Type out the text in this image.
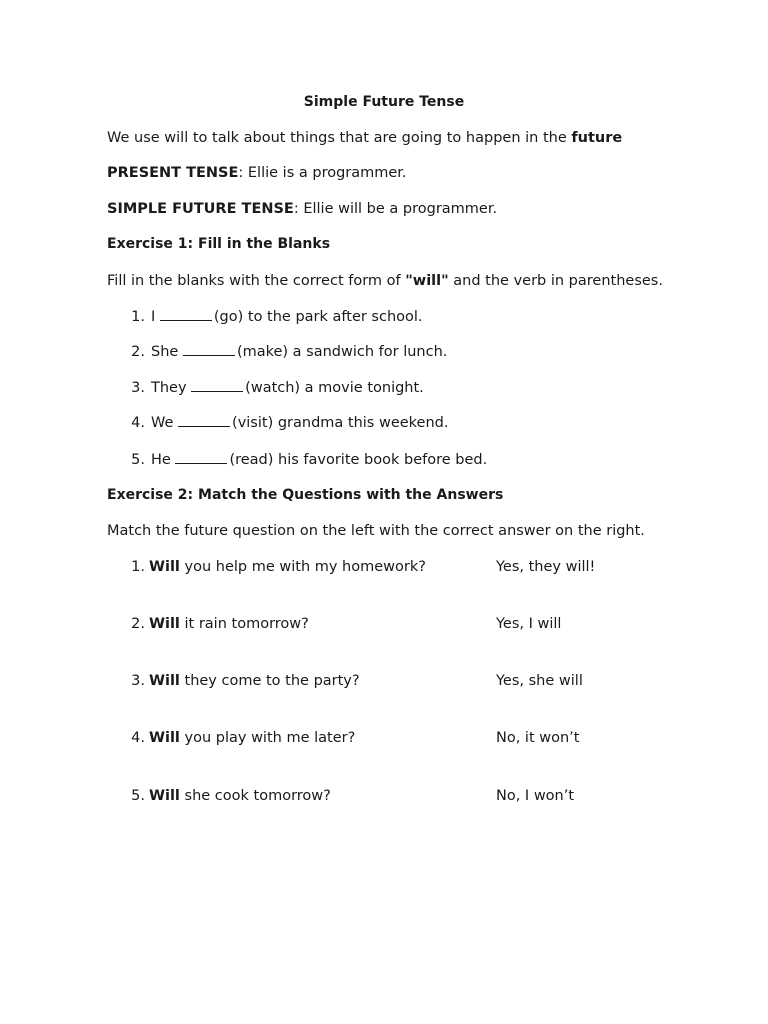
Simple Future Tense
We use will to talk about things that are going to happen in the future
PRESENT TENSE: Ellie is a programmer.
SIMPLE FUTURE TENSE: Ellie will be a programmer.
Exercise 1: Fill in the Blanks
Fill in the blanks with the correct form of "will" and the verb in parentheses.
1. I	(go) to the park after school.
2. She	(make) a sandwich for lunch.
3. They	(watch) a movie tonight.
4. We	(visit) grandma this weekend.
5. He	(read) his favorite book before bed.
Exercise 2: Match the Questions with the Answers
Match the future question on the left with the correct answer on the right.
1. Will you help me with my homework?	Yes, they will!
2. Will it rain tomorrow?	Yes, I will
3. Will they come to the party?	Yes, she will
4. Will you play with me later?	No, it won’t
5. Will she cook tomorrow?	No, I won’t
